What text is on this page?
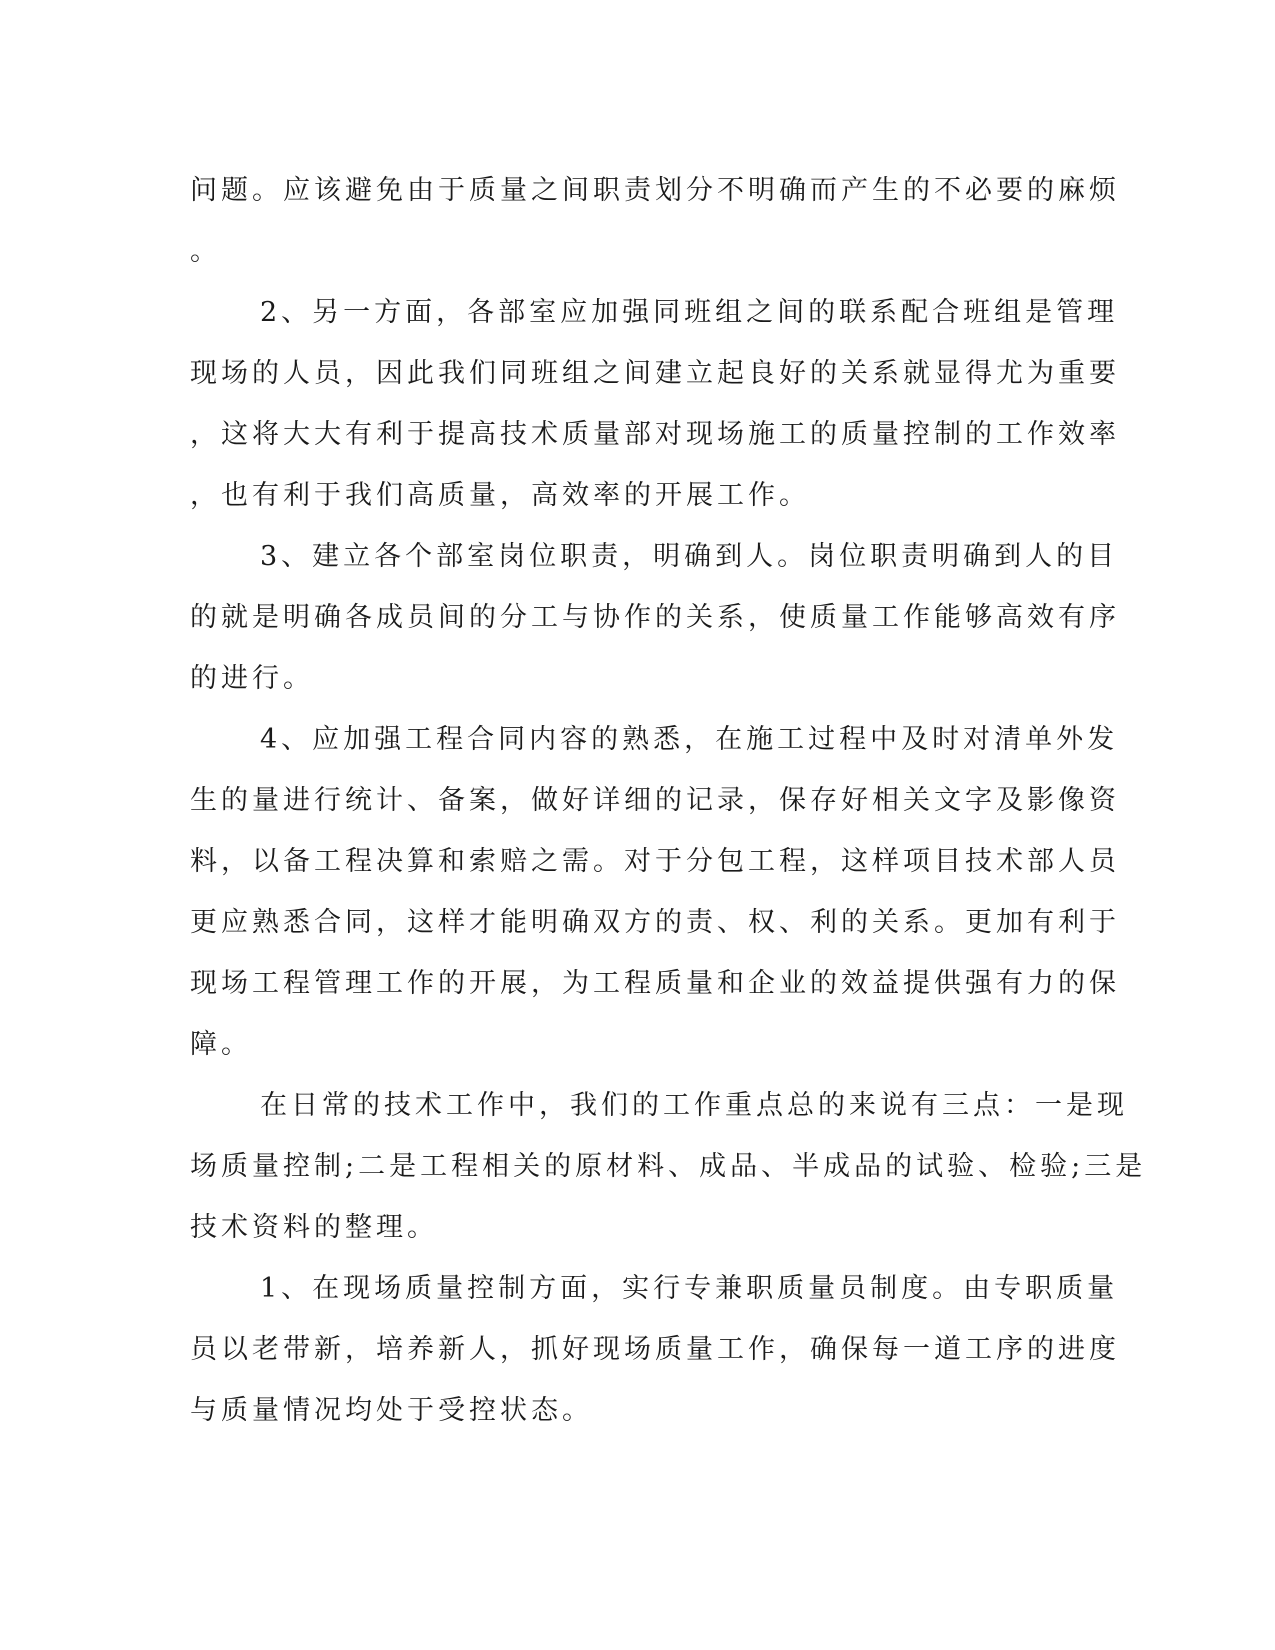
问题。应该避免由于质量之间职责划分不明确而产生的不必要的麻烦
。
2、另一方面，各部室应加强同班组之间的联系配合班组是管理
现场的人员，因此我们同班组之间建立起良好的关系就显得尤为重要
，这将大大有利于提高技术质量部对现场施工的质量控制的工作效率
，也有利于我们高质量，高效率的开展工作。
3、建立各个部室岗位职责，明确到人。岗位职责明确到人的目
的就是明确各成员间的分工与协作的关系，使质量工作能够高效有序
的进行。
4、应加强工程合同内容的熟悉，在施工过程中及时对清单外发
生的量进行统计、备案，做好详细的记录，保存好相关文字及影像资
料，以备工程决算和索赔之需。对于分包工程，这样项目技术部人员
更应熟悉合同，这样才能明确双方的责、权、利的关系。更加有利于
现场工程管理工作的开展，为工程质量和企业的效益提供强有力的保
障。
在日常的技术工作中，我们的工作重点总的来说有三点：一是现
场质量控制;二是工程相关的原材料、成品、半成品的试验、检验;三是
技术资料的整理。
1、在现场质量控制方面，实行专兼职质量员制度。由专职质量
员以老带新，培养新人，抓好现场质量工作，确保每一道工序的进度
与质量情况均处于受控状态。
